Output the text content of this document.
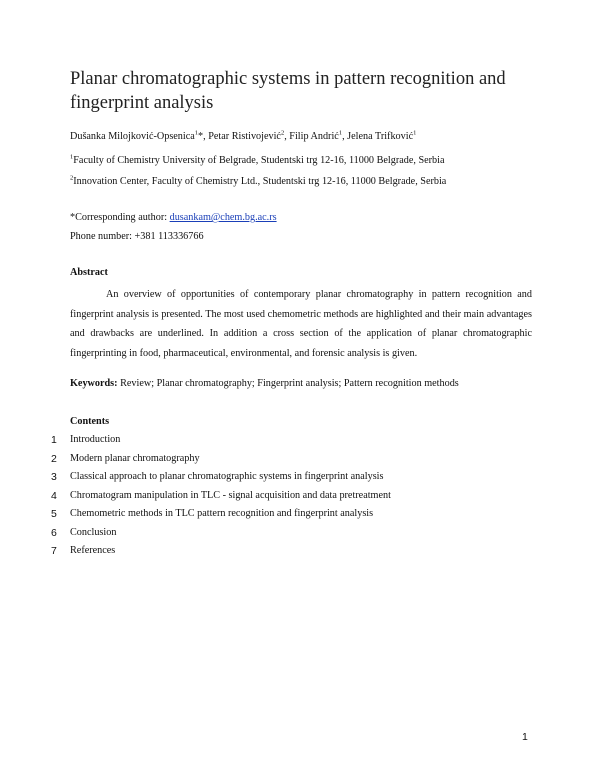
Planar chromatographic systems in pattern recognition and fingerprint analysis
Dušanka Milojković-Opsenica$^1$*, Petar Ristivojević$^2$, Filip Andrić$^1$, Jelena Trifković$^1$
$^1$Faculty of Chemistry University of Belgrade, Studentski trg 12-16, 11000 Belgrade, Serbia
$^2$Innovation Center, Faculty of Chemistry Ltd., Studentski trg 12-16, 11000 Belgrade, Serbia
*Corresponding author: dusankam@chem.bg.ac.rs
Phone number: +381 113336766
Abstract
An overview of opportunities of contemporary planar chromatography in pattern recognition and fingerprint analysis is presented. The most used chemometric methods are highlighted and their main advantages and drawbacks are underlined. In addition a cross section of the application of planar chromatographic fingerprinting in food, pharmaceutical, environmental, and forensic analysis is given.
Keywords: Review; Planar chromatography; Fingerprint analysis; Pattern recognition methods
Contents
1 Introduction
2 Modern planar chromatography
3 Classical approach to planar chromatographic systems in fingerprint analysis
4 Chromatogram manipulation in TLC - signal acquisition and data pretreatment
5 Chemometric methods in TLC pattern recognition and fingerprint analysis
6 Conclusion
7 References
1
